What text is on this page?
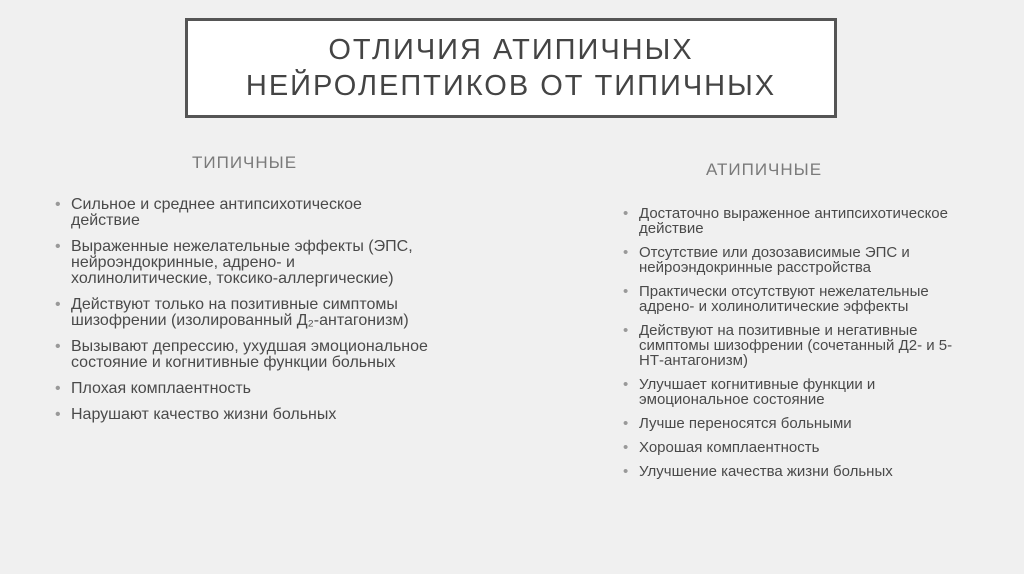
ОТЛИЧИЯ АТИПИЧНЫХ
НЕЙРОЛЕПТИКОВ ОТ ТИПИЧНЫХ
ТИПИЧНЫЕ	АТИПИЧНЫЕ
• Сильное и среднее антипсихотическое действие
• Выраженные нежелательные эффекты (ЭПС, нейроэндокринные, адрено- и холинолитические, токсико-аллергические)
• Действуют только на позитивные симптомы шизофрении (изолированный Д₂-антагонизм)
• Вызывают депрессию, ухудшая эмоциональное состояние и когнитивные функции больных
• Плохая комплаентность
• Нарушают качество жизни больных
• Достаточно выраженное антипсихотическое действие
• Отсутствие или дозозависимые ЭПС и нейроэндокринные расстройства
• Практически отсутствуют нежелательные адрено- и холинолитические эффекты
• Действуют на позитивные и негативные симптомы шизофрении (сочетанный Д2- и 5-НТ-антагонизм)
• Улучшает когнитивные функции и эмоциональное состояние
• Лучше переносятся больными
• Хорошая комплаентность
• Улучшение качества жизни больных
